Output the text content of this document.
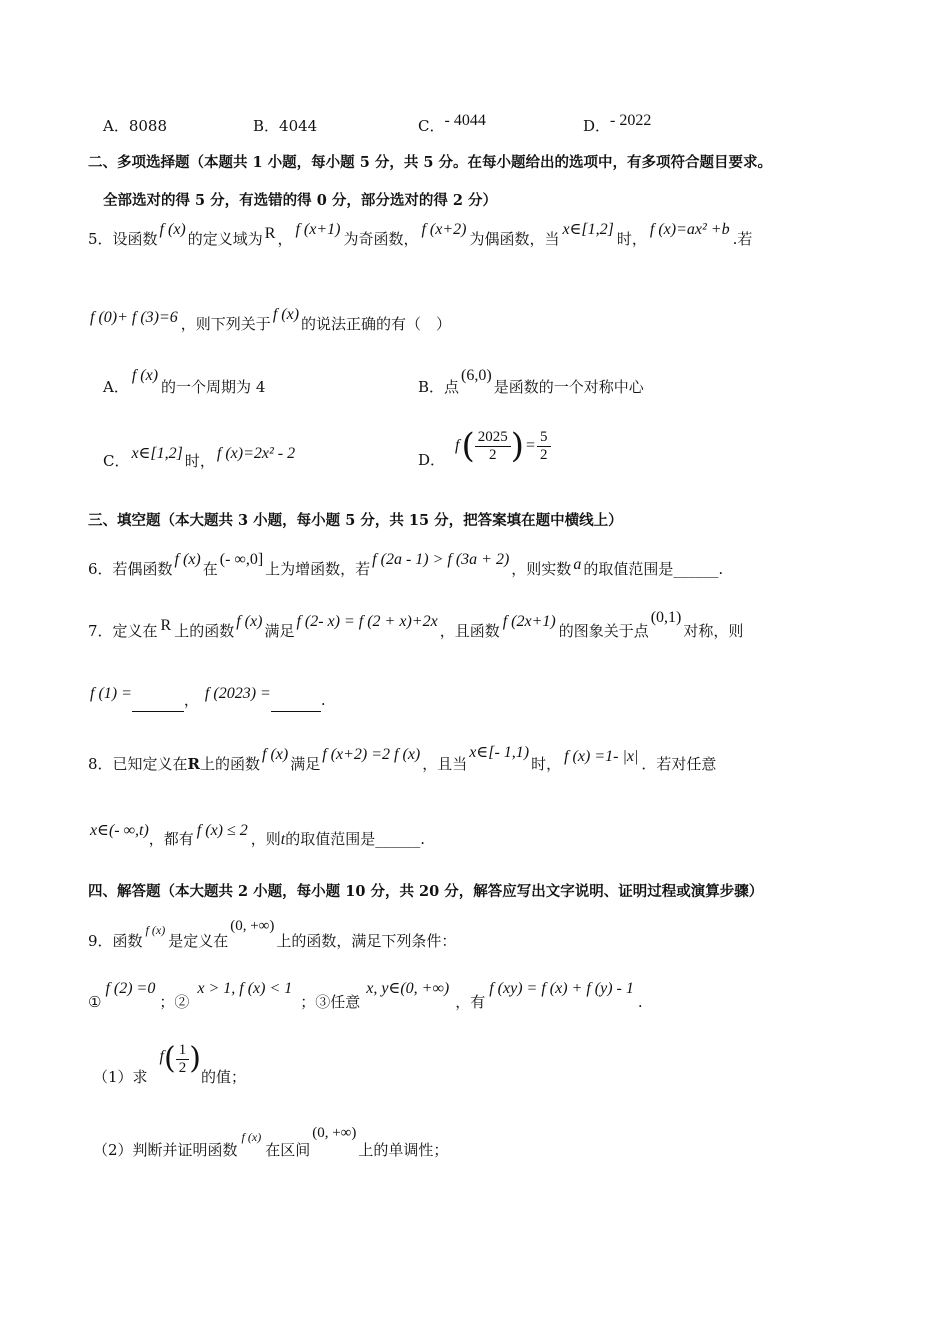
A．8088	B．4044	C．- 4044	D．- 2022
二、多项选择题（本题共 1 小题，每小题 5 分，共 5 分。在每小题给出的选项中，有多项符合题目要求。
全部选对的得 5 分，有选错的得 0 分，部分选对的得 2 分）
5．设函数f (x)的定义域为 R ，f (x+1)为奇函数，f (x+2)为偶函数，当x∈[1,2]时，f (x)=ax² +b.若
f (0)+ f (3)=6 ，则下列关于f (x)的说法正确的有（　）
A．f (x)的一个周期为 4	B．点(6,0)是函数的一个对称中心
C． x∈[1,2] 时， f (x)=2x² - 2	D．
f ( $\frac{2025}{2}$ ) = $\frac{5}{2}$
三、填空题（本大题共 3 小题，每小题 5 分，共 15 分，把答案填在题中横线上）
6．若偶函数f (x)在(- ∞,0]上为增函数，若f (2a - 1) > f (3a + 2)，则实数 a 的取值范围是______.
7．定义在 R 上的函数f (x)满足f (2- x) = f (2 + x)+2x，且函数f (2x+1)的图象关于点(0,1)对称，则
f (1) =	， f (2023) =	.
8．已知定义在R上的函数f (x)满足f (x+2) =2 f (x)，且当x∈[- 1,1)时， f (x) =1- |x| ．若对任意
x∈(- ∞,t)，都有 f (x) ≤ 2 ，则t的取值范围是______.
四、解答题（本大题共 2 小题，每小题 10 分，共 20 分，解答应写出文字说明、证明过程或演算步骤）
9．函数$^{f (x)}$是定义在(0, +∞)上的函数，满足下列条件：
①f (2) =0；②x > 1, f (x) < 1；③任意x, y∈(0, +∞)，有f (xy) = f (x) + f (y) - 1.
（1）求
f ( $\frac{1}{2}$ )
的值；
（2）判断并证明函数$^{f (x)}$在区间(0, +∞)上的单调性；
